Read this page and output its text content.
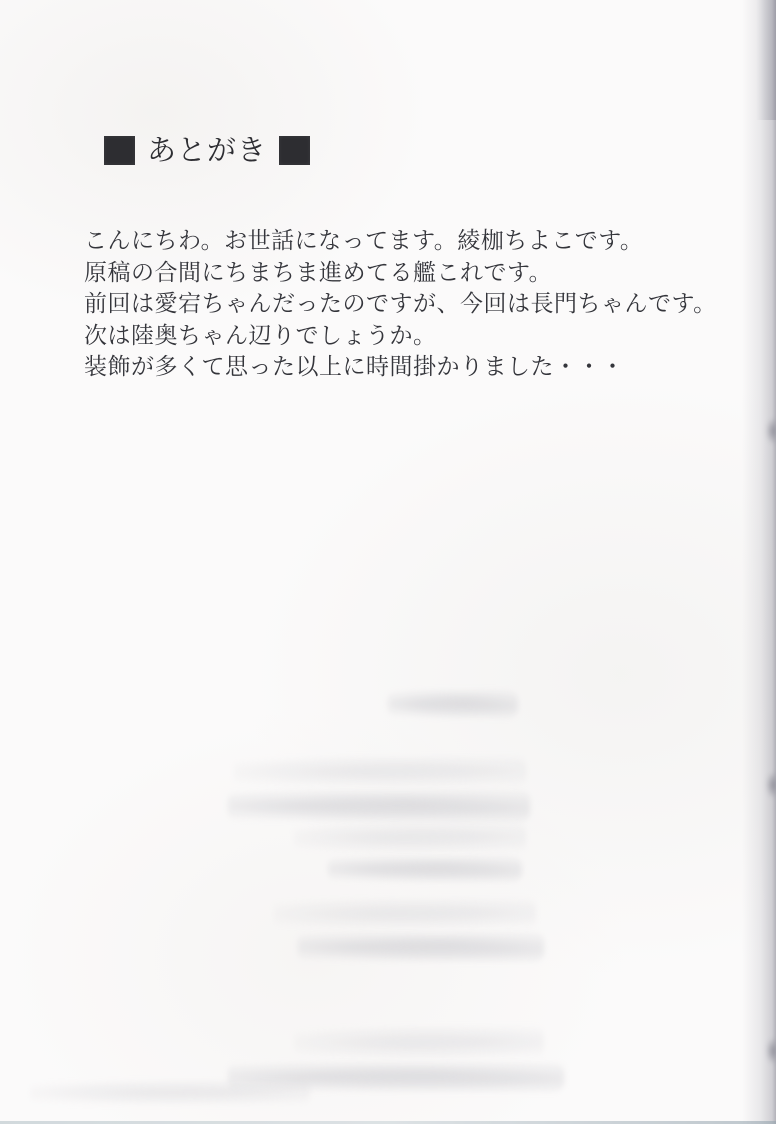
あとがき
こんにちわ。お世話になってます。綾枷ちよこです。
原稿の合間にちまちま進めてる艦これです。
前回は愛宕ちゃんだったのですが、今回は長門ちゃんです。
次は陸奥ちゃん辺りでしょうか。
装飾が多くて思った以上に時間掛かりました・・・
